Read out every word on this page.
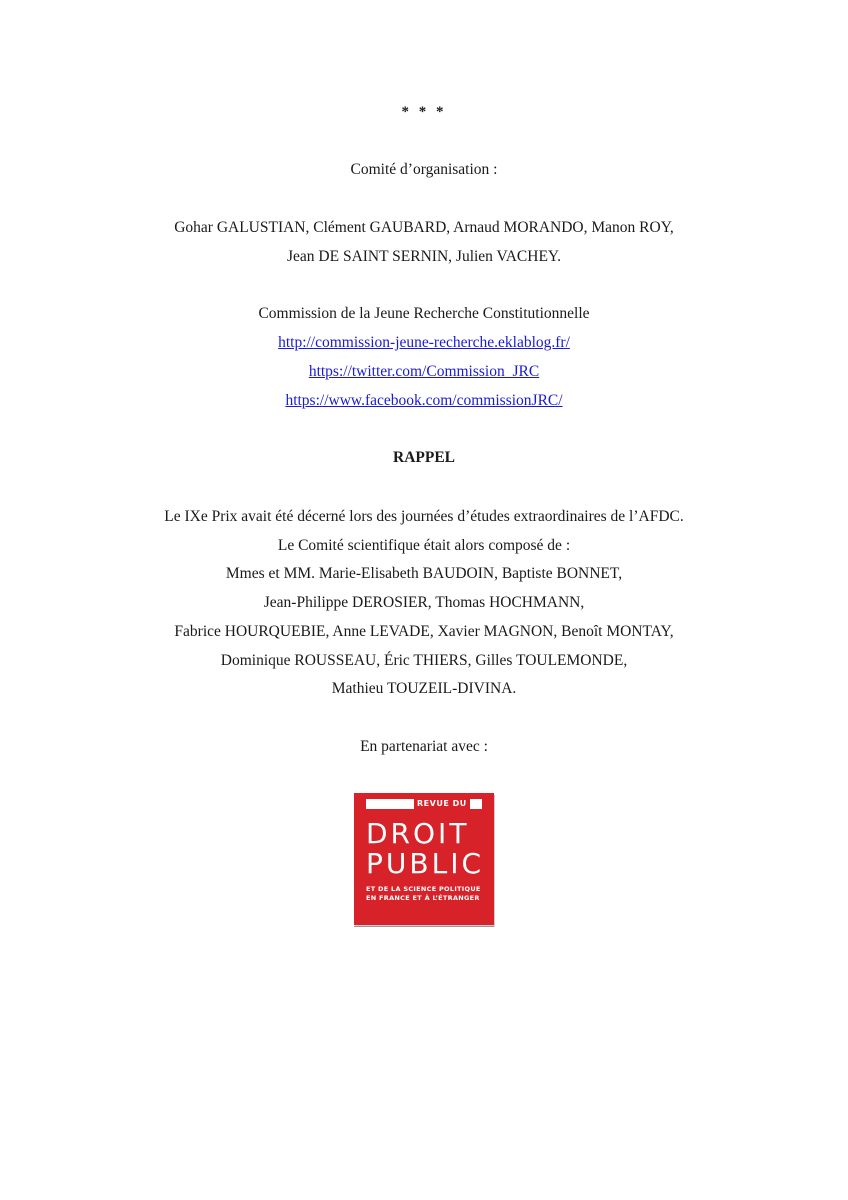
* * *
Comité d’organisation :
Gohar GALUSTIAN, Clément GAUBARD, Arnaud MORANDO, Manon ROY,
Jean DE SAINT SERNIN, Julien VACHEY.
Commission de la Jeune Recherche Constitutionnelle
http://commission-jeune-recherche.eklablog.fr/
https://twitter.com/Commission_JRC
https://www.facebook.com/commissionJRC/
RAPPEL
Le IXe Prix avait été décerné lors des journées d’études extraordinaires de l’AFDC.
Le Comité scientifique était alors composé de :
Mmes et MM. Marie-Elisabeth BAUDOIN, Baptiste BONNET,
Jean-Philippe DEROSIER, Thomas HOCHMANN,
Fabrice HOURQUEBIE, Anne LEVADE, Xavier MAGNON, Benoît MONTAY,
Dominique ROUSSEAU, Éric THIERS, Gilles TOULEMONDE,
Mathieu TOUZEIL-DIVINA.
En partenariat avec :
REVUE DU
DROIT
PUBLIC
ET DE LA SCIENCE POLITIQUE
EN FRANCE ET À L’ÉTRANGER
